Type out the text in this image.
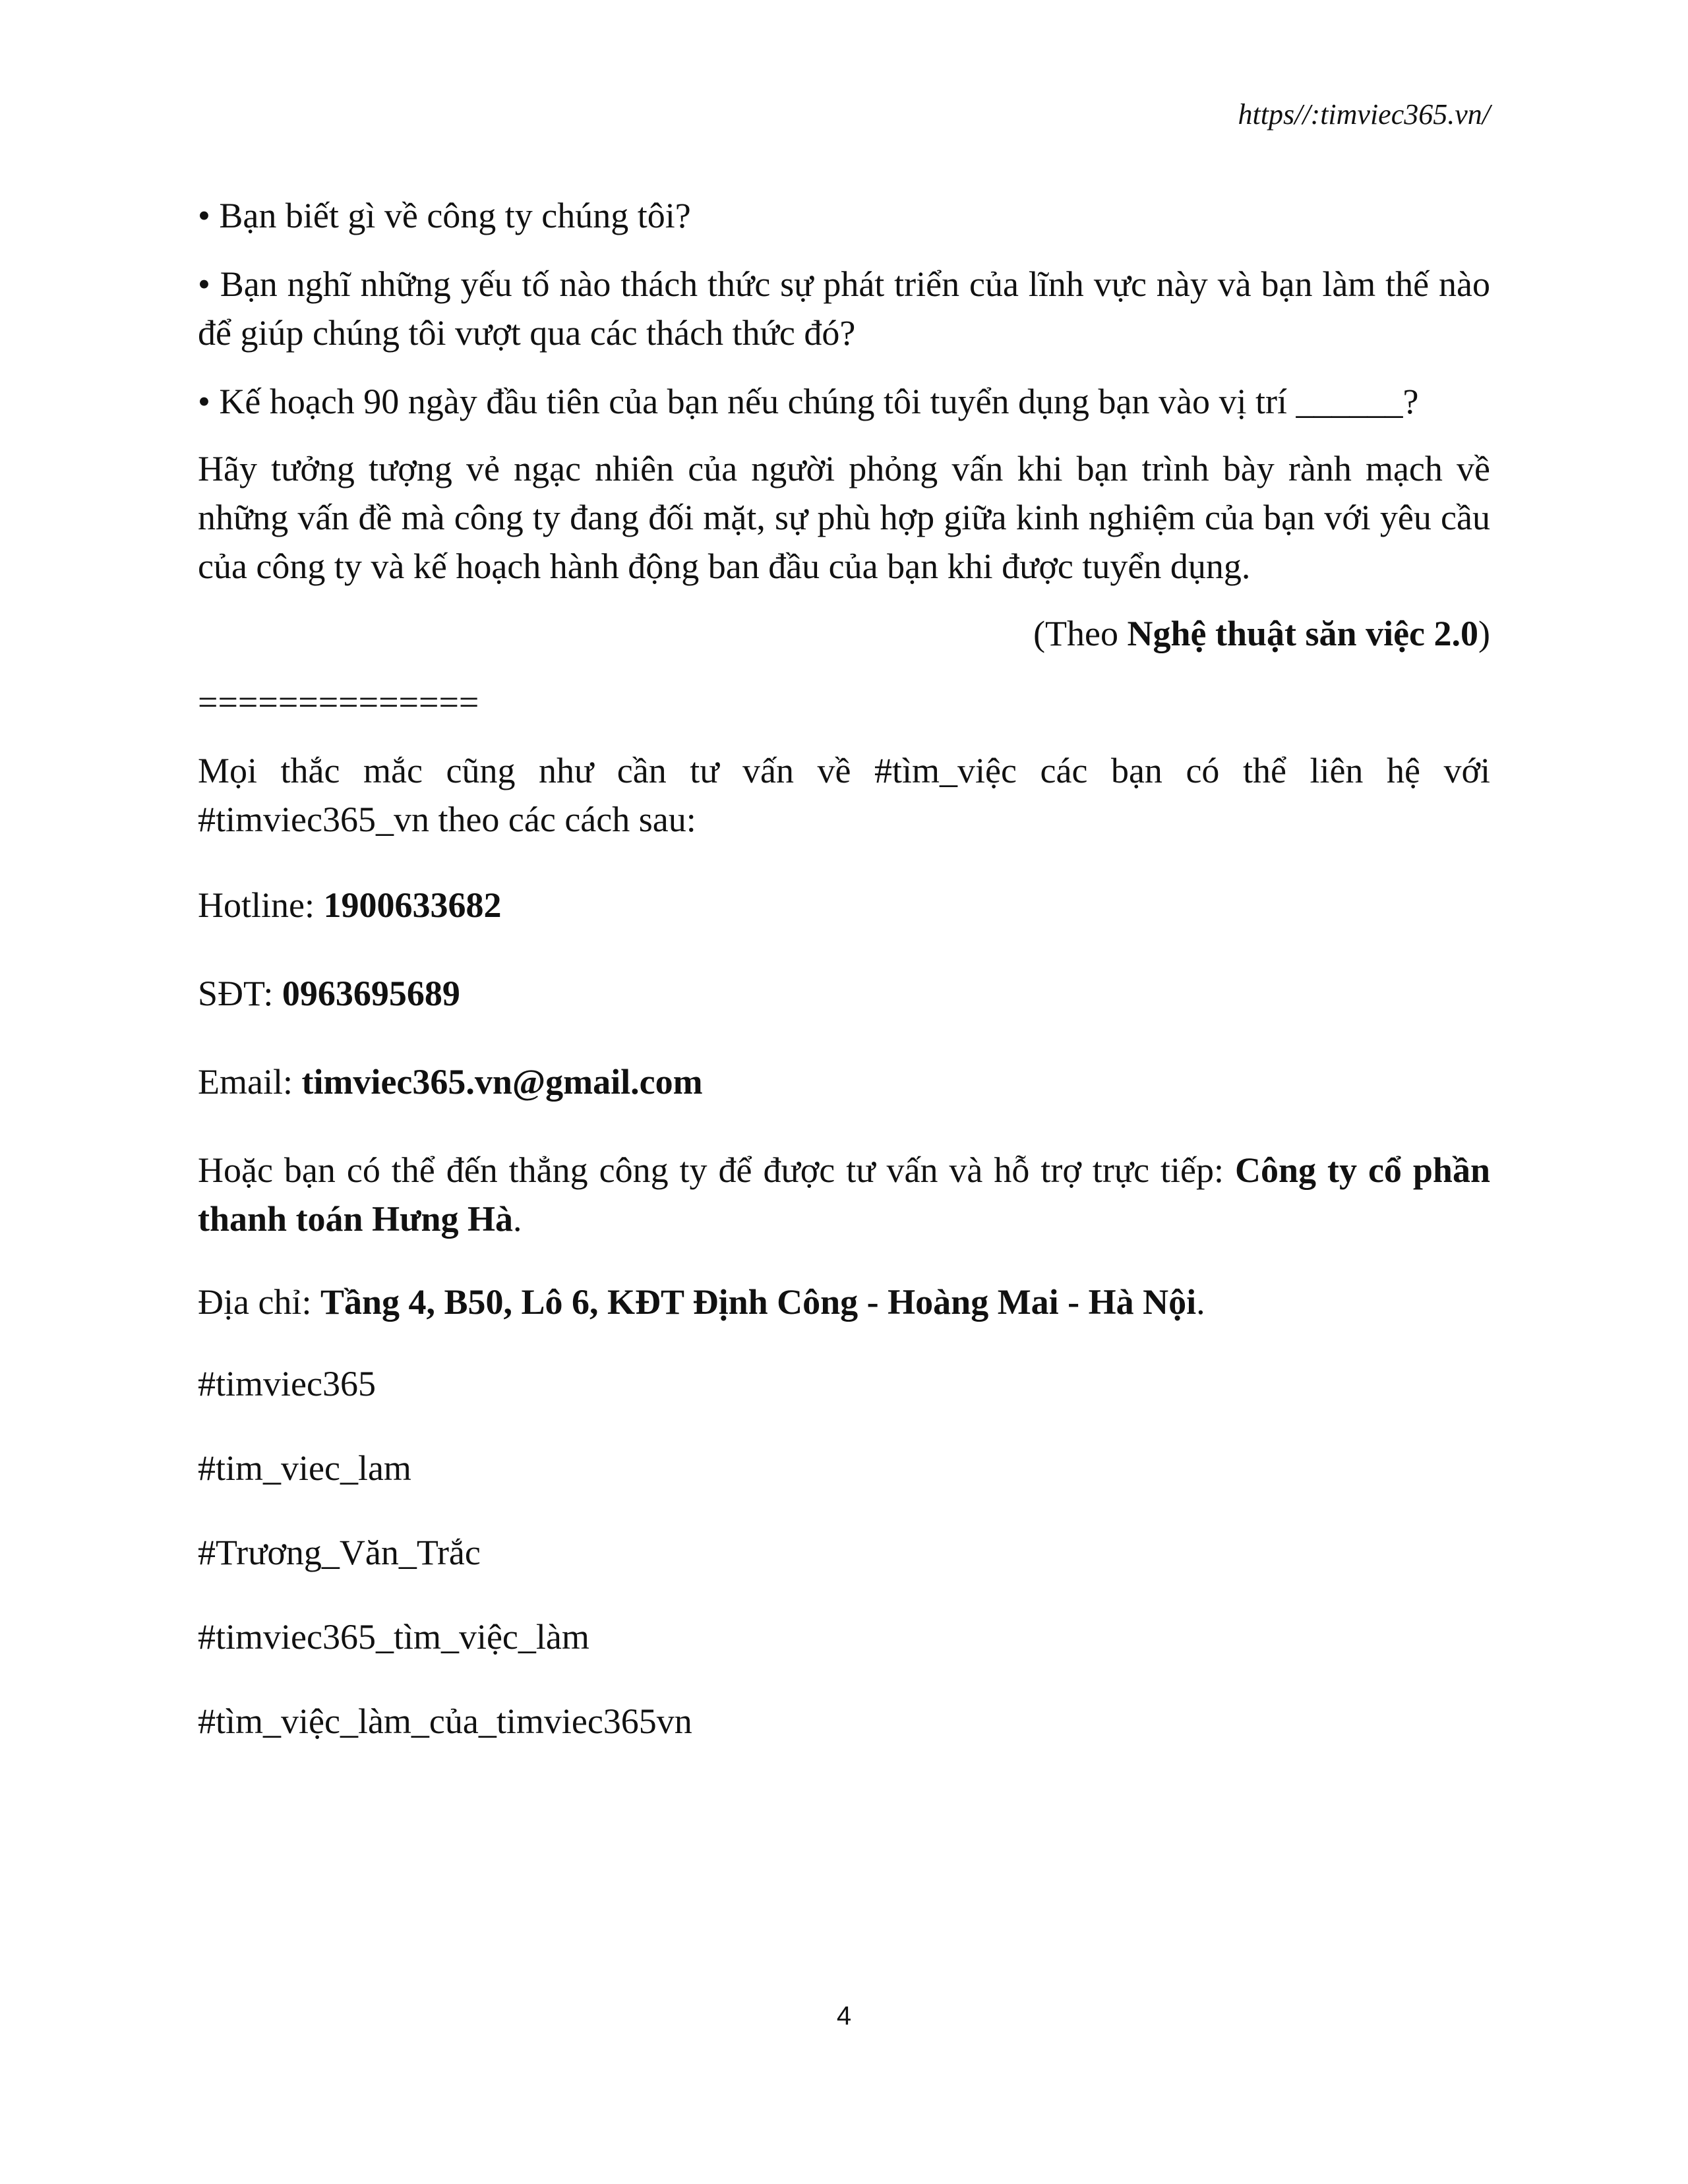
https//:timviec365.vn/

• Bạn biết gì về công ty chúng tôi?

• Bạn nghĩ những yếu tố nào thách thức sự phát triển của lĩnh vực này và bạn làm thế nào để giúp chúng tôi vượt qua các thách thức đó?

• Kế hoạch 90 ngày đầu tiên của bạn nếu chúng tôi tuyển dụng bạn vào vị trí ______?

Hãy tưởng tượng vẻ ngạc nhiên của người phỏng vấn khi bạn trình bày rành mạch về những vấn đề mà công ty đang đối mặt, sự phù hợp giữa kinh nghiệm của bạn với yêu cầu của công ty và kế hoạch hành động ban đầu của bạn khi được tuyển dụng.

(Theo Nghệ thuật săn việc 2.0)

==============

Mọi thắc mắc cũng như cần tư vấn về #tìm_việc các bạn có thể liên hệ với #timviec365_vn theo các cách sau:

Hotline: 1900633682

SĐT: 0963695689

Email: timviec365.vn@gmail.com

Hoặc bạn có thể đến thẳng công ty để được tư vấn và hỗ trợ trực tiếp: Công ty cổ phần thanh toán Hưng Hà.

Địa chỉ: Tầng 4, B50, Lô 6, KĐT Định Công - Hoàng Mai - Hà Nội.

#timviec365

#tim_viec_lam

#Trương_Văn_Trắc

#timviec365_tìm_việc_làm

#tìm_việc_làm_của_timviec365vn

4
